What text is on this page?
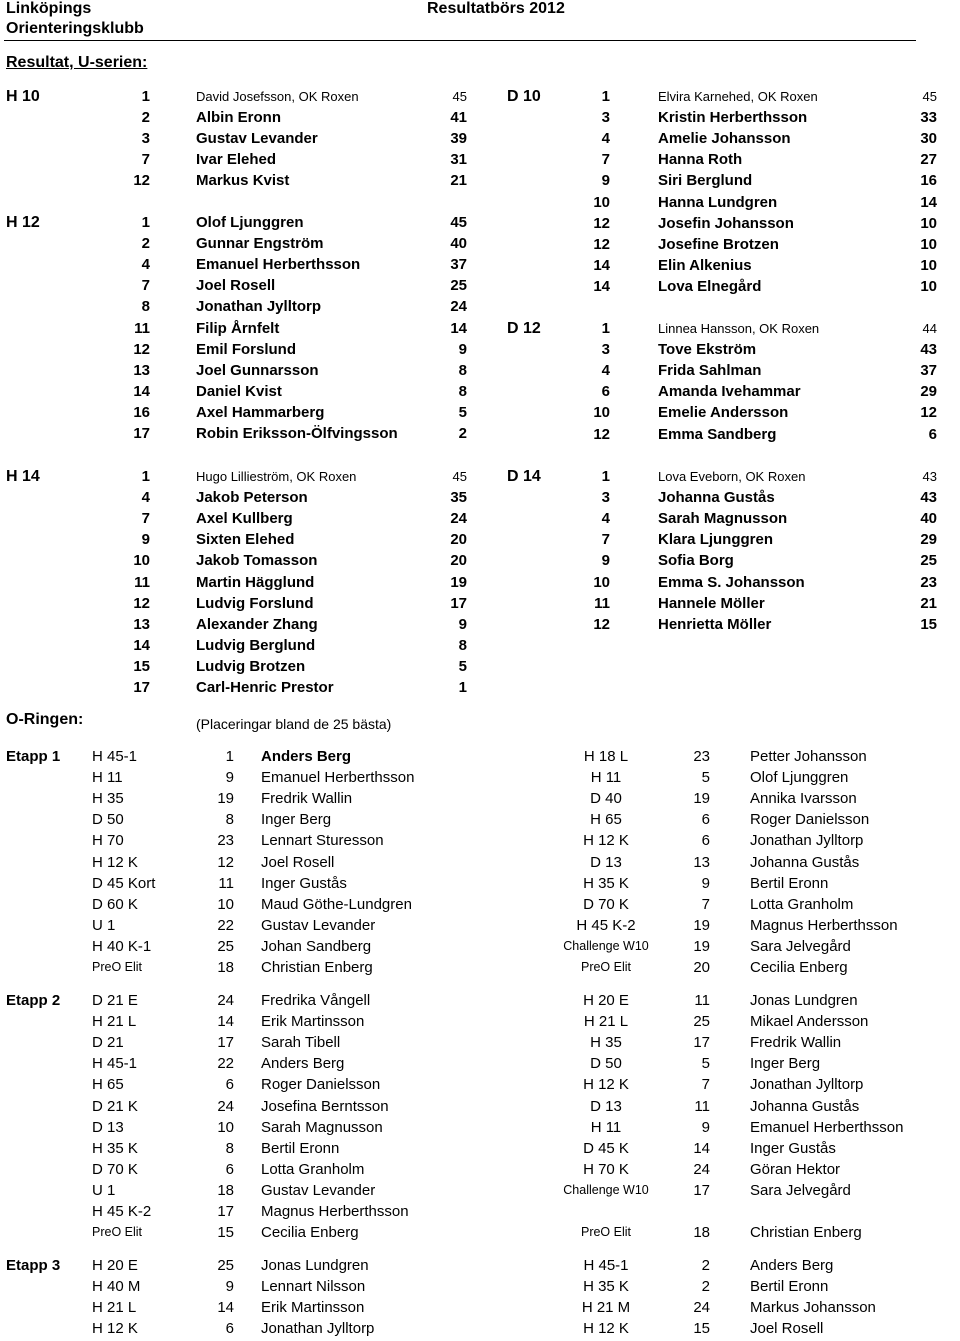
Linköpings
Orienteringsklubb
Resultatbörs 2012
Resultat, U-serien:
H 10	1	David Josefsson, OK Roxen	45
2	Albin Eronn	41
3	Gustav Levander	39
7	Ivar Elehed	31
12	Markus Kvist	21
D 10	1	Elvira Karnehed, OK Roxen	45
3	Kristin Herberthsson	33
4	Amelie Johansson	30
7	Hanna Roth	27
9	Siri Berglund	16
10	Hanna Lundgren	14
12	Josefin Johansson	10
12	Josefine Brotzen	10
14	Elin Alkenius	10
14	Lova Elnegård	10
H 12	1	Olof Ljunggren	45
2	Gunnar Engström	40
4	Emanuel Herberthsson	37
7	Joel Rosell	25
8	Jonathan Jylltorp	24
11	Filip Årnfelt	14
12	Emil Forslund	9
13	Joel Gunnarsson	8
14	Daniel Kvist	8
16	Axel Hammarberg	5
17	Robin Eriksson-Ölfvingsson	2
D 12	1	Linnea Hansson, OK Roxen	44
3	Tove Ekström	43
4	Frida Sahlman	37
6	Amanda Ivehammar	29
10	Emelie Andersson	12
12	Emma Sandberg	6
H 14	1	Hugo Lillieström, OK Roxen	45
4	Jakob Peterson	35
7	Axel Kullberg	24
9	Sixten Elehed	20
10	Jakob Tomasson	20
11	Martin Hägglund	19
12	Ludvig Forslund	17
13	Alexander Zhang	9
14	Ludvig Berglund	8
15	Ludvig Brotzen	5
17	Carl-Henric Prestor	1
D 14	1	Lova Eveborn, OK Roxen	43
3	Johanna Gustås	43
4	Sarah Magnusson	40
7	Klara Ljunggren	29
9	Sofia Borg	25
10	Emma S. Johansson	23
11	Hannele Möller	21
12	Henrietta Möller	15
O-Ringen:	(Placeringar bland de 25 bästa)
Etapp 1 H 45-1	1 Anders Berg	H 18 L	23	Petter Johansson
H 11	9 Emanuel Herberthsson	H 11	5	Olof Ljunggren
H 35	19 Fredrik Wallin	D 40	19	Annika Ivarsson
D 50	8 Inger Berg	H 65	6	Roger Danielsson
H 70	23 Lennart Sturesson	H 12 K	6	Jonathan Jylltorp
H 12 K	12 Joel Rosell	D 13	13	Johanna Gustås
D 45 Kort	11 Inger Gustås	H 35 K	9	Bertil Eronn
D 60 K	10 Maud Göthe-Lundgren	D 70 K	7	Lotta Granholm
U 1	22 Gustav Levander	H 45 K-2	19	Magnus Herberthsson
H 40 K-1	25 Johan Sandberg	Challenge W10	19	Sara Jelvegård
PreO Elit	18 Christian Enberg	PreO Elit	20	Cecilia Enberg
Etapp 2 D 21 E	24 Fredrika Vångell	H 20 E	11	Jonas Lundgren
H 21 L	14 Erik Martinsson	H 21 L	25	Mikael Andersson
D 21	17 Sarah Tibell	H 35	17	Fredrik Wallin
H 45-1	22 Anders Berg	D 50	5	Inger Berg
H 65	6 Roger Danielsson	H 12 K	7	Jonathan Jylltorp
D 21 K	24 Josefina Berntsson	D 13	11	Johanna Gustås
D 13	10 Sarah Magnusson	H 11	9	Emanuel Herberthsson
H 35 K	8 Bertil Eronn	D 45 K	14	Inger Gustås
D 70 K	6 Lotta Granholm	H 70 K	24	Göran Hektor
U 1	18 Gustav Levander	Challenge W10	17	Sara Jelvegård
H 45 K-2	17 Magnus Herberthsson
PreO Elit	15 Cecilia Enberg	PreO Elit	18	Christian Enberg
Etapp 3 H 20 E	25 Jonas Lundgren	H 45-1	2	Anders Berg
H 40 M	9 Lennart Nilsson	H 35 K	2	Bertil Eronn
H 21 L	14 Erik Martinsson	H 21 M	24	Markus Johansson
H 12 K	6 Jonathan Jylltorp	H 12 K	15	Joel Rosell
